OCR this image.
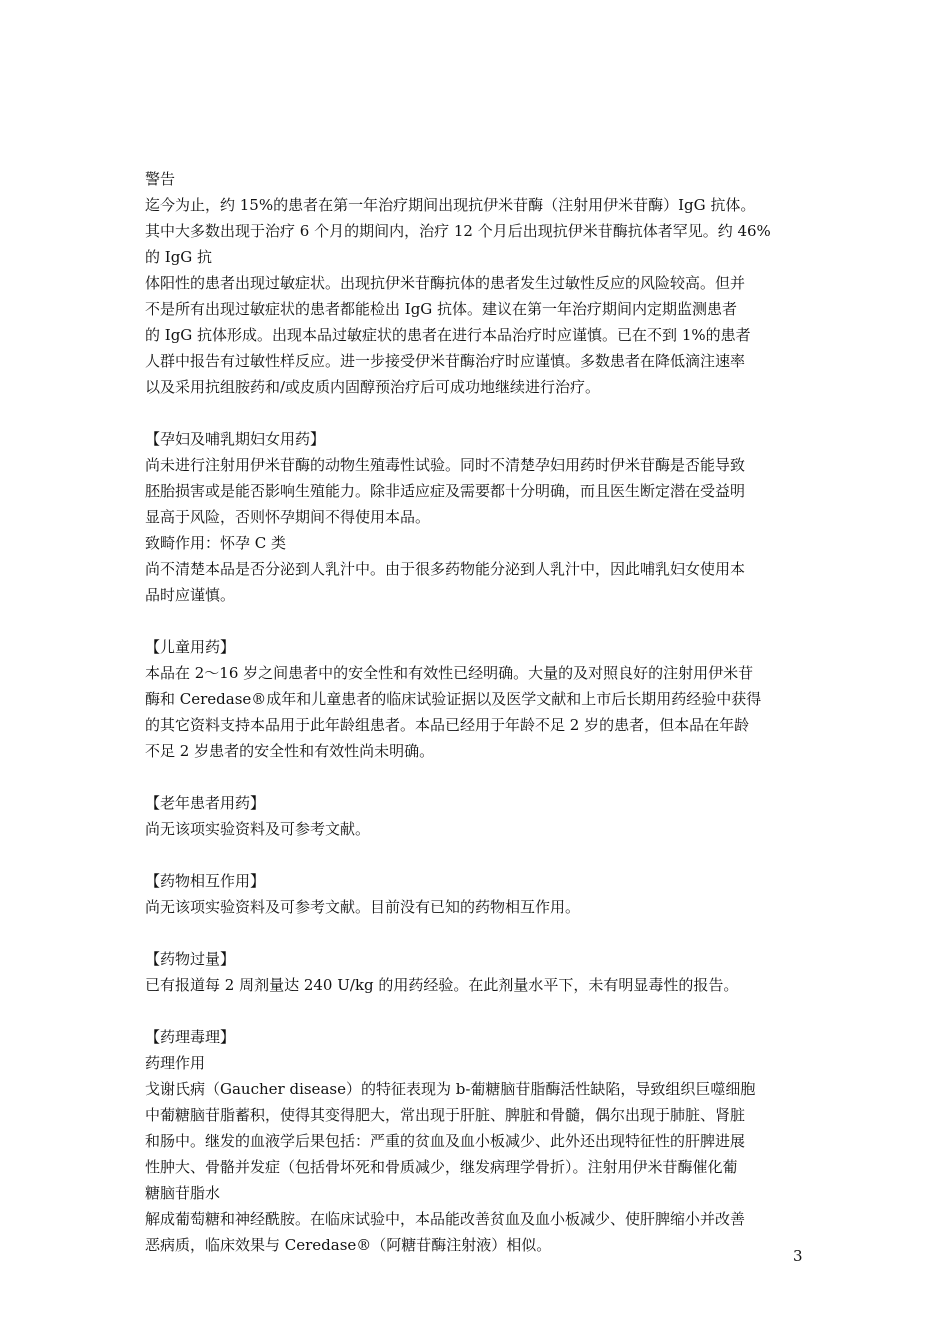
警告

迄今为止，约 15%的患者在第一年治疗期间出现抗伊米苷酶（注射用伊米苷酶）IgG 抗体。

其中大多数出现于治疗 6 个月的期间内，治疗 12 个月后出现抗伊米苷酶抗体者罕见。约 46%

的 IgG 抗

体阳性的患者出现过敏症状。出现抗伊米苷酶抗体的患者发生过敏性反应的风险较高。但并

不是所有出现过敏症状的患者都能检出 IgG 抗体。建议在第一年治疗期间内定期监测患者

的 IgG 抗体形成。出现本品过敏症状的患者在进行本品治疗时应谨慎。已在不到 1%的患者

人群中报告有过敏性样反应。进一步接受伊米苷酶治疗时应谨慎。多数患者在降低滴注速率

以及采用抗组胺药和/或皮质内固醇预治疗后可成功地继续进行治疗。

【孕妇及哺乳期妇女用药】

尚未进行注射用伊米苷酶的动物生殖毒性试验。同时不清楚孕妇用药时伊米苷酶是否能导致

胚胎损害或是能否影响生殖能力。除非适应症及需要都十分明确，而且医生断定潜在受益明

显高于风险，否则怀孕期间不得使用本品。

致畸作用：怀孕 C 类

尚不清楚本品是否分泌到人乳汁中。由于很多药物能分泌到人乳汁中，因此哺乳妇女使用本

品时应谨慎。

【儿童用药】

本品在 2～16 岁之间患者中的安全性和有效性已经明确。大量的及对照良好的注射用伊米苷

酶和 Ceredase®成年和儿童患者的临床试验证据以及医学文献和上市后长期用药经验中获得

的其它资料支持本品用于此年龄组患者。本品已经用于年龄不足 2 岁的患者，但本品在年龄

不足 2 岁患者的安全性和有效性尚未明确。

【老年患者用药】

尚无该项实验资料及可参考文献。

【药物相互作用】

尚无该项实验资料及可参考文献。目前没有已知的药物相互作用。

【药物过量】

已有报道每 2 周剂量达 240 U/kg 的用药经验。在此剂量水平下，未有明显毒性的报告。

【药理毒理】

药理作用

戈谢氏病（Gaucher disease）的特征表现为 b-葡糖脑苷脂酶活性缺陷，导致组织巨噬细胞

中葡糖脑苷脂蓄积，使得其变得肥大，常出现于肝脏、脾脏和骨髓，偶尔出现于肺脏、肾脏

和肠中。继发的血液学后果包括：严重的贫血及血小板减少、此外还出现特征性的肝脾进展

性肿大、骨骼并发症（包括骨坏死和骨质减少，继发病理学骨折）。注射用伊米苷酶催化葡

糖脑苷脂水

解成葡萄糖和神经酰胺。在临床试验中，本品能改善贫血及血小板减少、使肝脾缩小并改善

恶病质，临床效果与 Ceredase®（阿糖苷酶注射液）相似。

3
